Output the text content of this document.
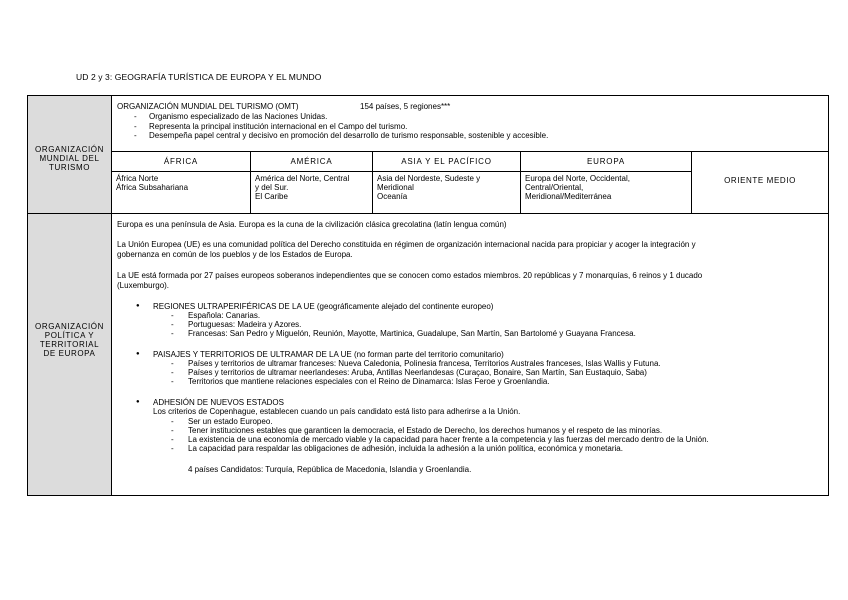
UD 2 y 3: GEOGRAFÍA TURÍSTICA DE EUROPA Y EL MUNDO
ORGANIZACIÓN
MUNDIAL DEL
TURISMO
ORGANIZACIÓN MUNDIAL DEL TURISMO (OMT)	154 países, 5 regiones***
- Organismo especializado de las Naciones Unidas.
- Representa la principal institución internacional en el Campo del turismo.
- Desempeña papel central y decisivo en promoción del desarrollo de turismo responsable, sostenible y accesible.
ÁFRICA
África Norte
África Subsahariana
AMÉRICA
América del Norte, Central
y del Sur.
El Caribe
ASIA Y EL PACÍFICO
Asia del Nordeste, Sudeste y
Meridional
Oceanía
EUROPA
Europa del Norte, Occidental,
Central/Oriental,
Meridional/Mediterránea
ORIENTE MEDIO
ORGANIZACIÓN
POLÍTICA Y
TERRITORIAL
DE EUROPA
Europa es una península de Asia. Europa es la cuna de la civilización clásica grecolatina (latín lengua común)
La Unión Europea (UE) es una comunidad política del Derecho constituida en régimen de organización internacional nacida para propiciar y acoger la integración y
gobernanza en común de los pueblos y de los Estados de Europa.
La UE está formada por 27 países europeos soberanos independientes que se conocen como estados miembros. 20 repúblicas y 7 monarquías, 6 reinos y 1 ducado
(Luxemburgo).
REGIONES ULTRAPERIFÉRICAS DE LA UE (geográficamente alejado del continente europeo)
- Española: Canarias.
- Portuguesas: Madeira y Azores.
- Francesas: San Pedro y Miguelón, Reunión, Mayotte, Martinica, Guadalupe, San Martín, San Bartolomé y Guayana Francesa.
PAISAJES Y TERRITORIOS DE ULTRAMAR DE LA UE (no forman parte del territorio comunitario)
- Países y territorios de ultramar franceses: Nueva Caledonia, Polinesia francesa, Territorios Australes franceses, Islas Wallis y Futuna.
- Países y territorios de ultramar neerlandeses: Aruba, Antillas Neerlandesas (Curaçao, Bonaire, San Martín, San Eustaquio, Saba)
- Territorios que mantiene relaciones especiales con el Reino de Dinamarca: Islas Feroe y Groenlandia.
ADHESIÓN DE NUEVOS ESTADOS
Los criterios de Copenhague, establecen cuando un país candidato está listo para adherirse a la Unión.
- Ser un estado Europeo.
- Tener instituciones estables que garanticen la democracia, el Estado de Derecho, los derechos humanos y el respeto de las minorías.
- La existencia de una economía de mercado viable y la capacidad para hacer frente a la competencia y las fuerzas del mercado dentro de la Unión.
- La capacidad para respaldar las obligaciones de adhesión, incluida la adhesión a la unión política, económica y monetaria.
4 países Candidatos: Turquía, República de Macedonia, Islandia y Groenlandia.
